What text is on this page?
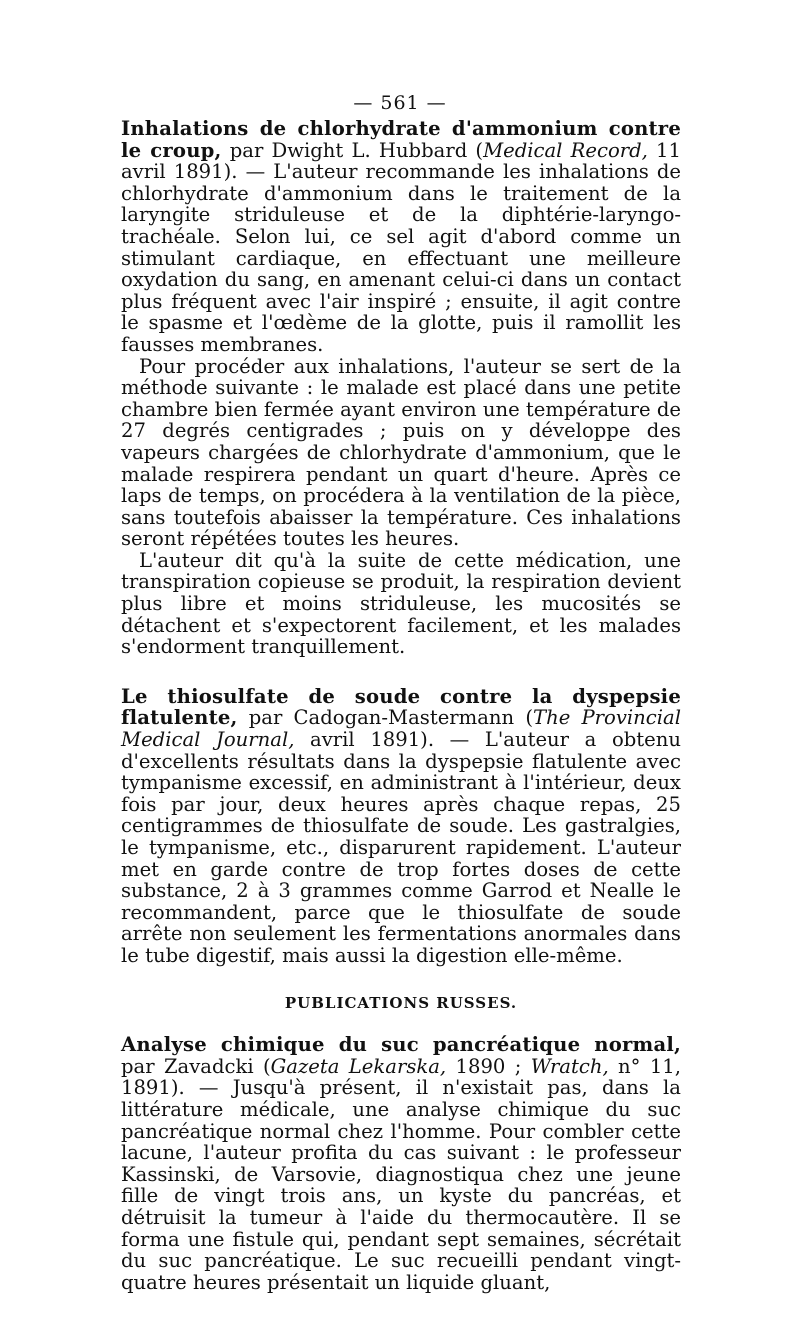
— 561 —

Inhalations de chlorhydrate d'ammonium contre le croup, par Dwight L. Hubbard (Medical Record, 11 avril 1891). — L'auteur recommande les inhalations de chlorhydrate d'ammonium dans le traitement de la laryngite striduleuse et de la diphtérie-laryngo-trachéale. Selon lui, ce sel agit d'abord comme un stimulant cardiaque, en effectuant une meilleure oxydation du sang, en amenant celui-ci dans un contact plus fréquent avec l'air inspiré ; ensuite, il agit contre le spasme et l'œdème de la glotte, puis il ramollit les fausses membranes.

Pour procéder aux inhalations, l'auteur se sert de la méthode suivante : le malade est placé dans une petite chambre bien fermée ayant environ une température de 27 degrés centigrades ; puis on y développe des vapeurs chargées de chlorhydrate d'ammonium, que le malade respirera pendant un quart d'heure. Après ce laps de temps, on procédera à la ventilation de la pièce, sans toutefois abaisser la température. Ces inhalations seront répétées toutes les heures.

L'auteur dit qu'à la suite de cette médication, une transpiration copieuse se produit, la respiration devient plus libre et moins striduleuse, les mucosités se détachent et s'expectorent facilement, et les malades s'endorment tranquillement.

Le thiosulfate de soude contre la dyspepsie flatulente, par Cadogan-Mastermann (The Provincial Medical Journal, avril 1891). — L'auteur a obtenu d'excellents résultats dans la dyspepsie flatulente avec tympanisme excessif, en administrant à l'intérieur, deux fois par jour, deux heures après chaque repas, 25 centigrammes de thiosulfate de soude. Les gastralgies, le tympanisme, etc., disparurent rapidement. L'auteur met en garde contre de trop fortes doses de cette substance, 2 à 3 grammes comme Garrod et Nealle le recommandent, parce que le thiosulfate de soude arrête non seulement les fermentations anormales dans le tube digestif, mais aussi la digestion elle-même.

PUBLICATIONS RUSSES.

Analyse chimique du suc pancréatique normal, par Zavadcki (Gazeta Lekarska, 1890 ; Wratch, n° 11, 1891). — Jusqu'à présent, il n'existait pas, dans la littérature médicale, une analyse chimique du suc pancréatique normal chez l'homme. Pour combler cette lacune, l'auteur profita du cas suivant : le professeur Kassinski, de Varsovie, diagnostiqua chez une jeune fille de vingt trois ans, un kyste du pancréas, et détruisit la tumeur à l'aide du thermocautère. Il se forma une fistule qui, pendant sept semaines, sécrétait du suc pancréatique. Le suc recueilli pendant vingt-quatre heures présentait un liquide gluant,
